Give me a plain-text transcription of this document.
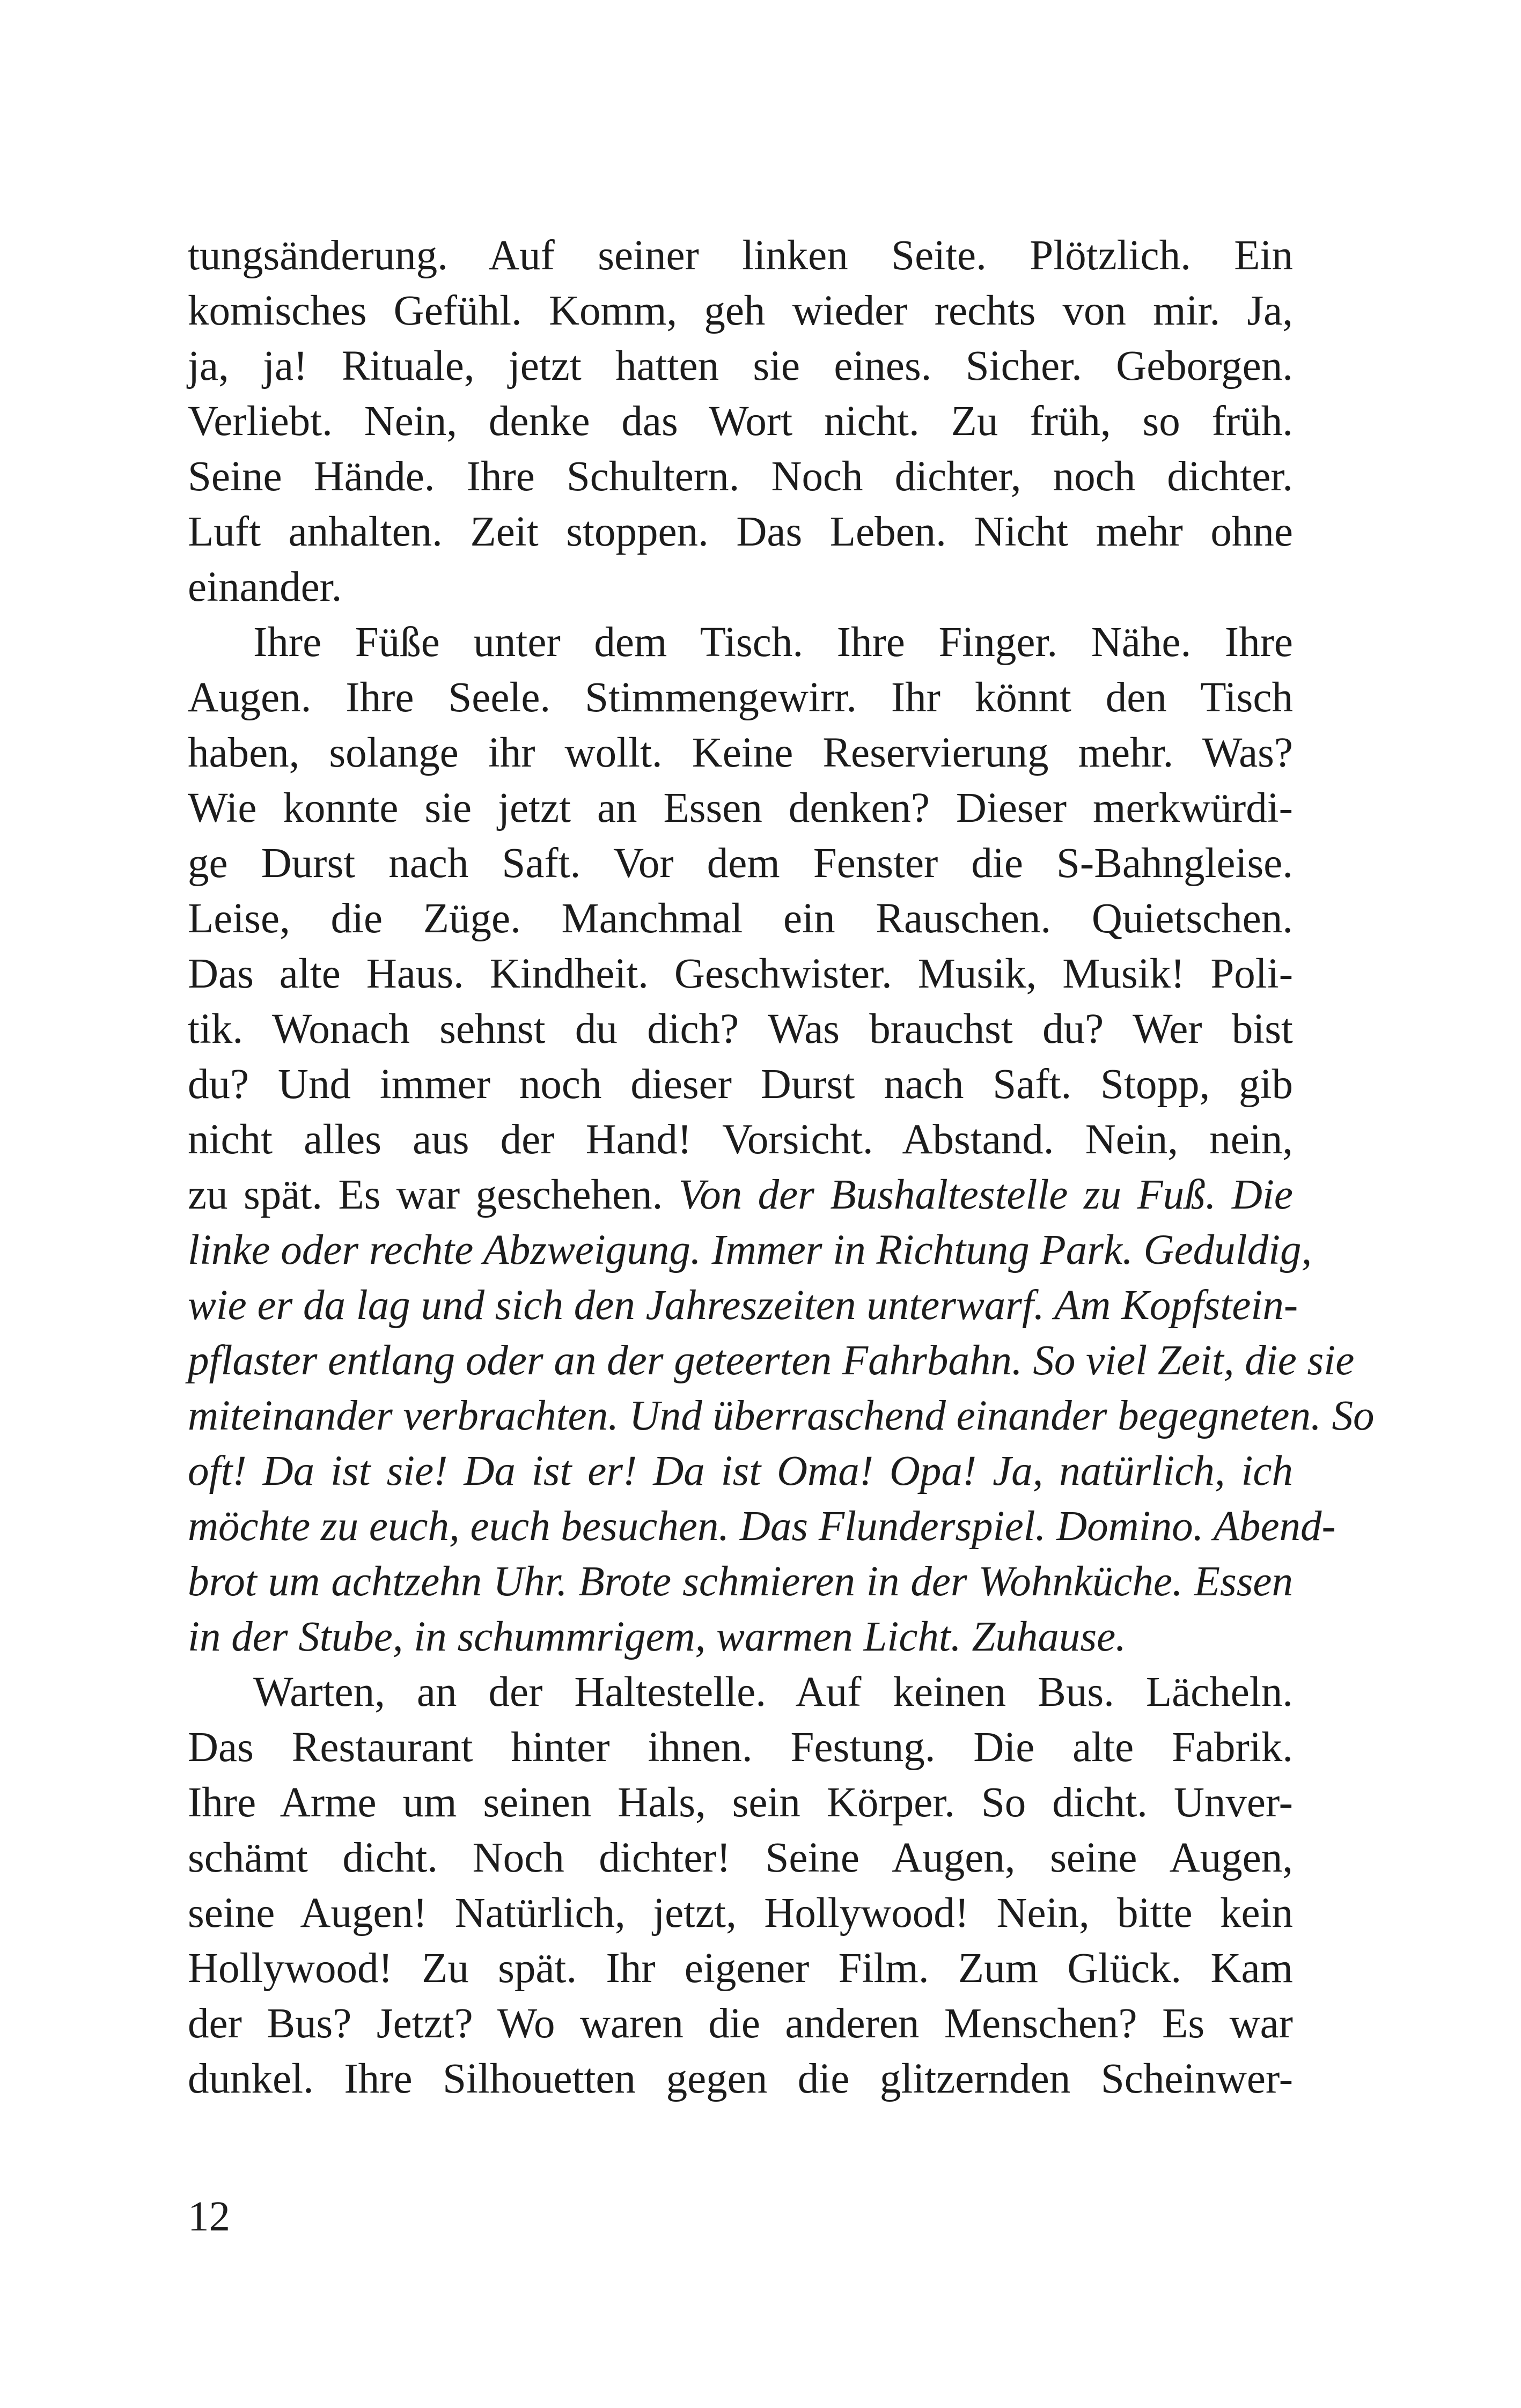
tungsänderung. Auf seiner linken Seite. Plötzlich. Ein
komisches Gefühl. Komm, geh wieder rechts von mir. Ja,
ja, ja! Rituale, jetzt hatten sie eines. Sicher. Geborgen.
Verliebt. Nein, denke das Wort nicht. Zu früh, so früh.
Seine Hände. Ihre Schultern. Noch dichter, noch dichter.
Luft anhalten. Zeit stoppen. Das Leben. Nicht mehr ohne
einander.
Ihre Füße unter dem Tisch. Ihre Finger. Nähe. Ihre
Augen. Ihre Seele. Stimmengewirr. Ihr könnt den Tisch
haben, solange ihr wollt. Keine Reservierung mehr. Was?
Wie konnte sie jetzt an Essen denken? Dieser merkwürdi-
ge Durst nach Saft. Vor dem Fenster die S-Bahngleise.
Leise, die Züge. Manchmal ein Rauschen. Quietschen.
Das alte Haus. Kindheit. Geschwister. Musik, Musik! Poli-
tik. Wonach sehnst du dich? Was brauchst du? Wer bist
du? Und immer noch dieser Durst nach Saft. Stopp, gib
nicht alles aus der Hand! Vorsicht. Abstand. Nein, nein,
zu spät. Es war geschehen. Von der Bushaltestelle zu Fuß. Die
linke oder rechte Abzweigung. Immer in Richtung Park. Geduldig,
wie er da lag und sich den Jahreszeiten unterwarf. Am Kopfstein-
pflaster entlang oder an der geteerten Fahrbahn. So viel Zeit, die sie
miteinander verbrachten. Und überraschend einander begegneten. So
oft! Da ist sie! Da ist er! Da ist Oma! Opa! Ja, natürlich, ich
möchte zu euch, euch besuchen. Das Flunderspiel. Domino. Abend-
brot um achtzehn Uhr. Brote schmieren in der Wohnküche. Essen
in der Stube, in schummrigem, warmen Licht. Zuhause.
Warten, an der Haltestelle. Auf keinen Bus. Lächeln.
Das Restaurant hinter ihnen. Festung. Die alte Fabrik.
Ihre Arme um seinen Hals, sein Körper. So dicht. Unver-
schämt dicht. Noch dichter! Seine Augen, seine Augen,
seine Augen! Natürlich, jetzt, Hollywood! Nein, bitte kein
Hollywood! Zu spät. Ihr eigener Film. Zum Glück. Kam
der Bus? Jetzt? Wo waren die anderen Menschen? Es war
dunkel. Ihre Silhouetten gegen die glitzernden Scheinwer-
12
